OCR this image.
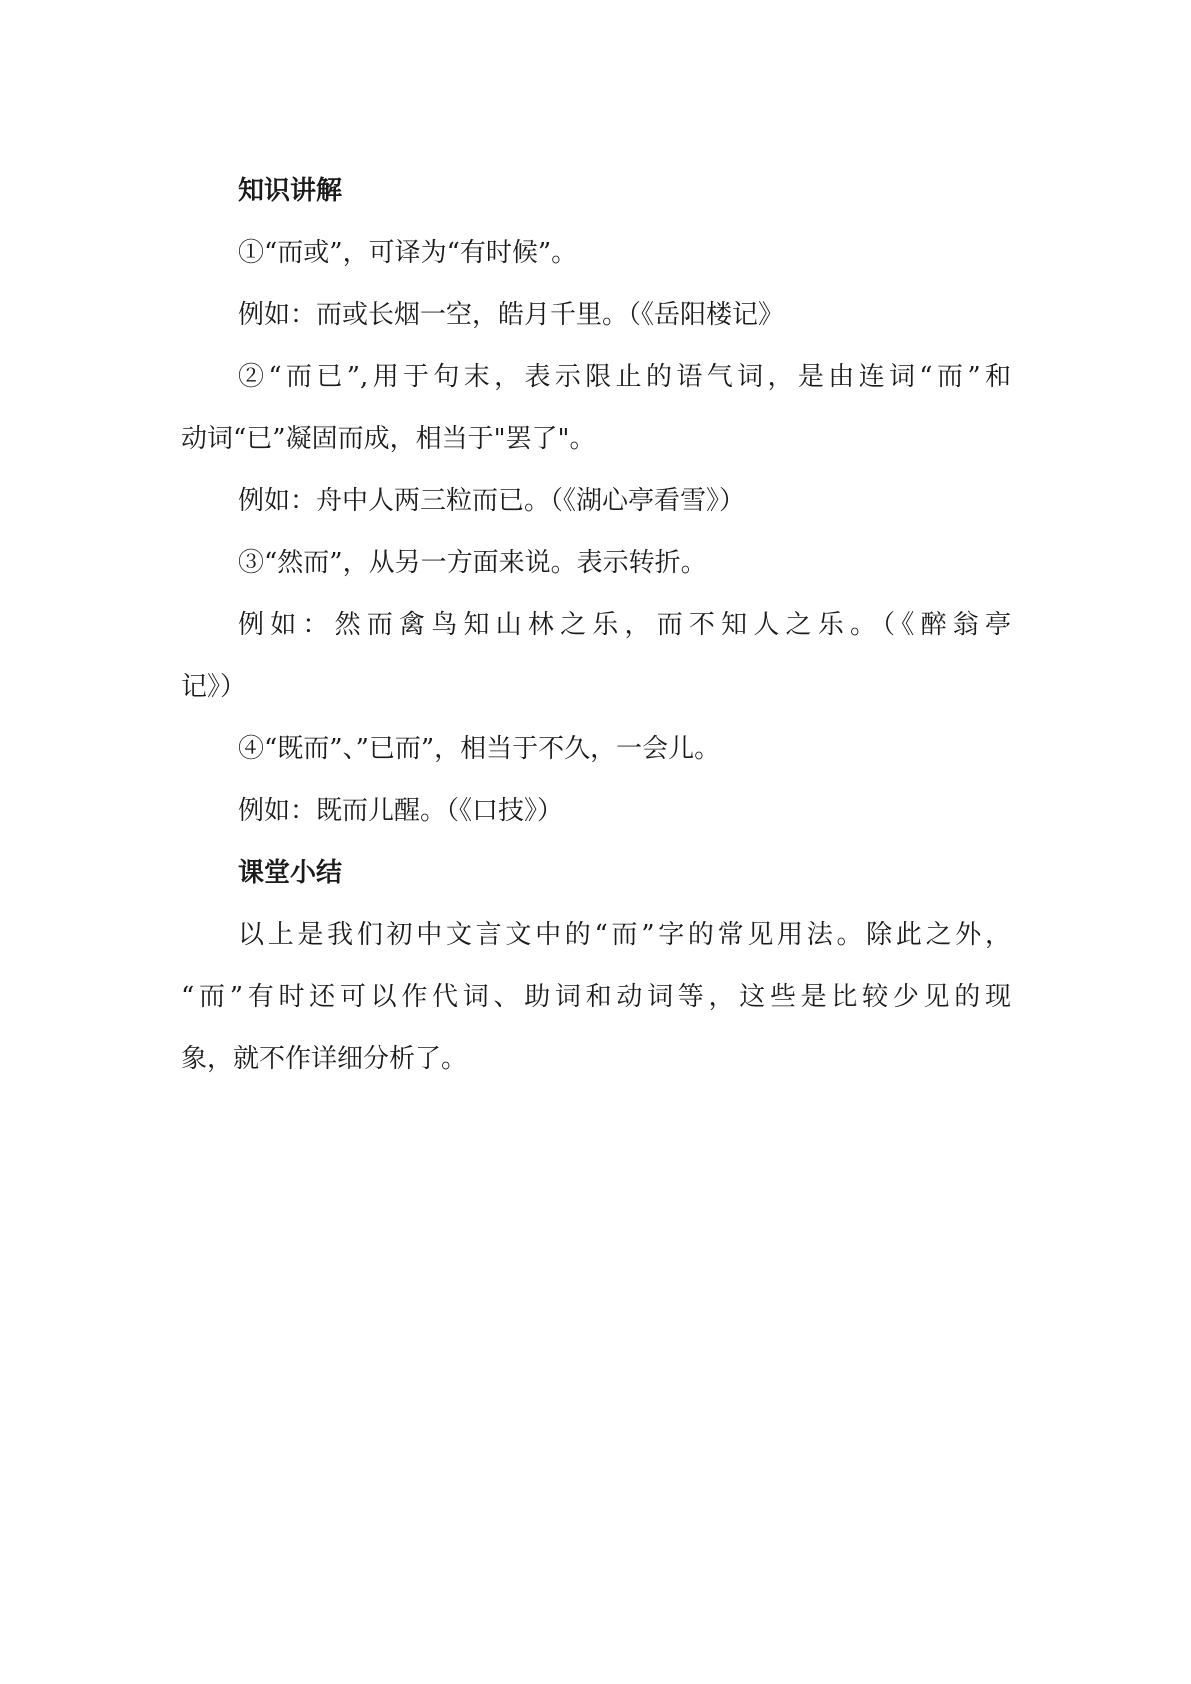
知识讲解
①“而或”，可译为“有时候”。
例如：而或长烟一空，皓月千里。（《岳阳楼记》
②“而已”,用于句末，表示限止的语气词，是由连词“而”和
动词“已”凝固而成，相当于"罢了"。
例如：舟中人两三粒而已。（《湖心亭看雪》）
③“然而”，从另一方面来说。表示转折。
例如：然而禽鸟知山林之乐，而不知人之乐。（《醉翁亭
记》）
④“既而”、”已而”，相当于不久，一会儿。
例如：既而儿醒。（《口技》）
课堂小结
以上是我们初中文言文中的“而”字的常见用法。除此之外，
“而”有时还可以作代词、助词和动词等，这些是比较少见的现
象，就不作详细分析了。
